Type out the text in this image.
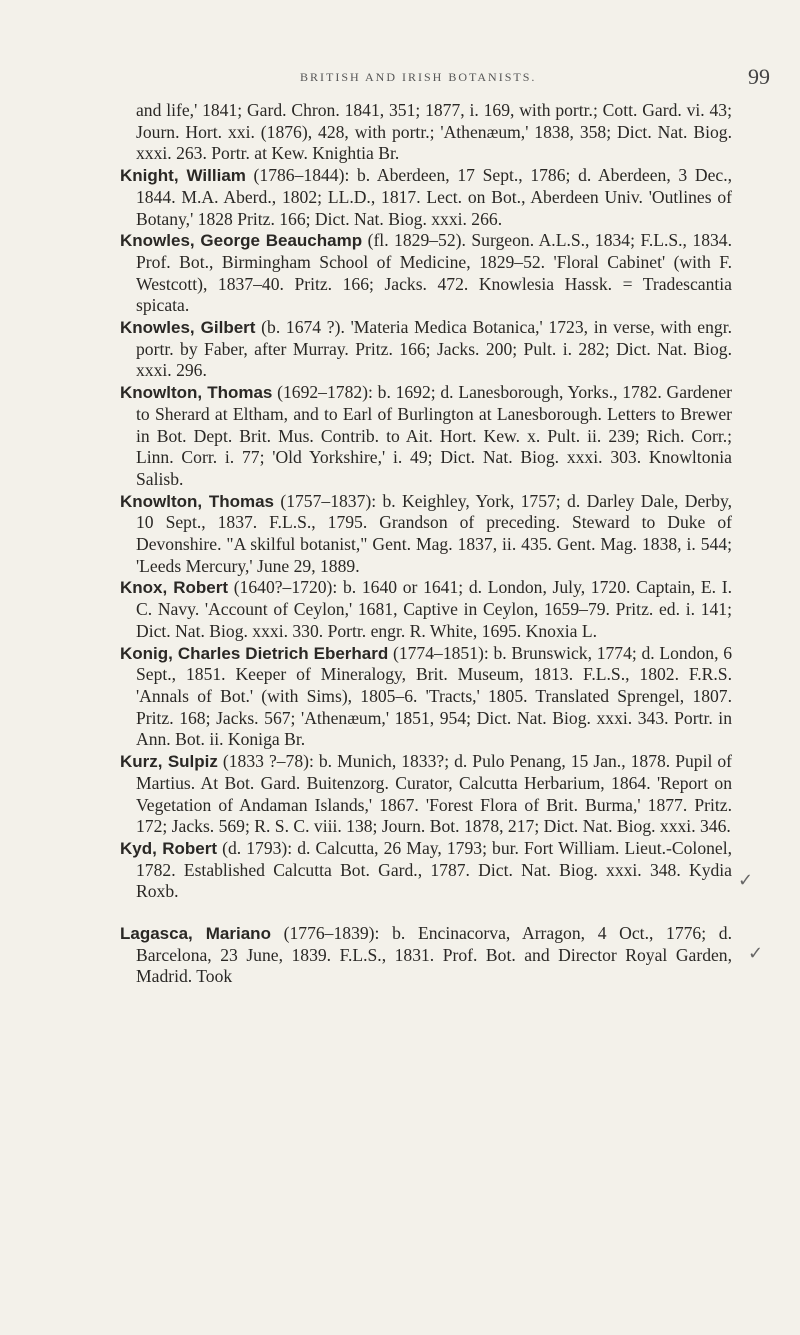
BRITISH AND IRISH BOTANISTS.	99

and life,' 1841; Gard. Chron. 1841, 351; 1877, i. 169, with portr.; Cott. Gard. vi. 43; Journ. Hort. xxi. (1876), 428, with portr.; 'Athenæum,' 1838, 358; Dict. Nat. Biog. xxxi. 263. Portr. at Kew. Knightia Br.

Knight, William (1786–1844): b. Aberdeen, 17 Sept., 1786; d. Aberdeen, 3 Dec., 1844. M.A. Aberd., 1802; LL.D., 1817. Lect. on Bot., Aberdeen Univ. 'Outlines of Botany,' 1828 Pritz. 166; Dict. Nat. Biog. xxxi. 266.

Knowles, George Beauchamp (fl. 1829–52). Surgeon. A.L.S., 1834; F.L.S., 1834. Prof. Bot., Birmingham School of Medicine, 1829–52. 'Floral Cabinet' (with F. Westcott), 1837–40. Pritz. 166; Jacks. 472. Knowlesia Hassk. = Tradescantia spicata.

Knowles, Gilbert (b. 1674 ?). 'Materia Medica Botanica,' 1723, in verse, with engr. portr. by Faber, after Murray. Pritz. 166; Jacks. 200; Pult. i. 282; Dict. Nat. Biog. xxxi. 296.

Knowlton, Thomas (1692–1782): b. 1692; d. Lanesborough, Yorks., 1782. Gardener to Sherard at Eltham, and to Earl of Burlington at Lanesborough. Letters to Brewer in Bot. Dept. Brit. Mus. Contrib. to Ait. Hort. Kew. x. Pult. ii. 239; Rich. Corr.; Linn. Corr. i. 77; 'Old Yorkshire,' i. 49; Dict. Nat. Biog. xxxi. 303. Knowltonia Salisb.

Knowlton, Thomas (1757–1837): b. Keighley, York, 1757; d. Darley Dale, Derby, 10 Sept., 1837. F.L.S., 1795. Grandson of preceding. Steward to Duke of Devonshire. "A skilful botanist," Gent. Mag. 1837, ii. 435. Gent. Mag. 1838, i. 544; 'Leeds Mercury,' June 29, 1889.

Knox, Robert (1640?–1720): b. 1640 or 1641; d. London, July, 1720. Captain, E. I. C. Navy. 'Account of Ceylon,' 1681, Captive in Ceylon, 1659–79. Pritz. ed. i. 141; Dict. Nat. Biog. xxxi. 330. Portr. engr. R. White, 1695. Knoxia L.

Konig, Charles Dietrich Eberhard (1774–1851): b. Brunswick, 1774; d. London, 6 Sept., 1851. Keeper of Mineralogy, Brit. Museum, 1813. F.L.S., 1802. F.R.S. 'Annals of Bot.' (with Sims), 1805–6. 'Tracts,' 1805. Translated Sprengel, 1807. Pritz. 168; Jacks. 567; 'Athenæum,' 1851, 954; Dict. Nat. Biog. xxxi. 343. Portr. in Ann. Bot. ii. Koniga Br.

Kurz, Sulpiz (1833 ?–78): b. Munich, 1833?; d. Pulo Penang, 15 Jan., 1878. Pupil of Martius. At Bot. Gard. Buitenzorg. Curator, Calcutta Herbarium, 1864. 'Report on Vegetation of Andaman Islands,' 1867. 'Forest Flora of Brit. Burma,' 1877. Pritz. 172; Jacks. 569; R. S. C. viii. 138; Journ. Bot. 1878, 217; Dict. Nat. Biog. xxxi. 346.

Kyd, Robert (d. 1793): d. Calcutta, 26 May, 1793; bur. Fort William. Lieut.-Colonel, 1782. Established Calcutta Bot. Gard., 1787. Dict. Nat. Biog. xxxi. 348. Kydia Roxb.

Lagasca, Mariano (1776–1839): b. Encinacorva, Arragon, 4 Oct., 1776; d. Barcelona, 23 June, 1839. F.L.S., 1831. Prof. Bot. and Director Royal Garden, Madrid. Took

✓
✓
